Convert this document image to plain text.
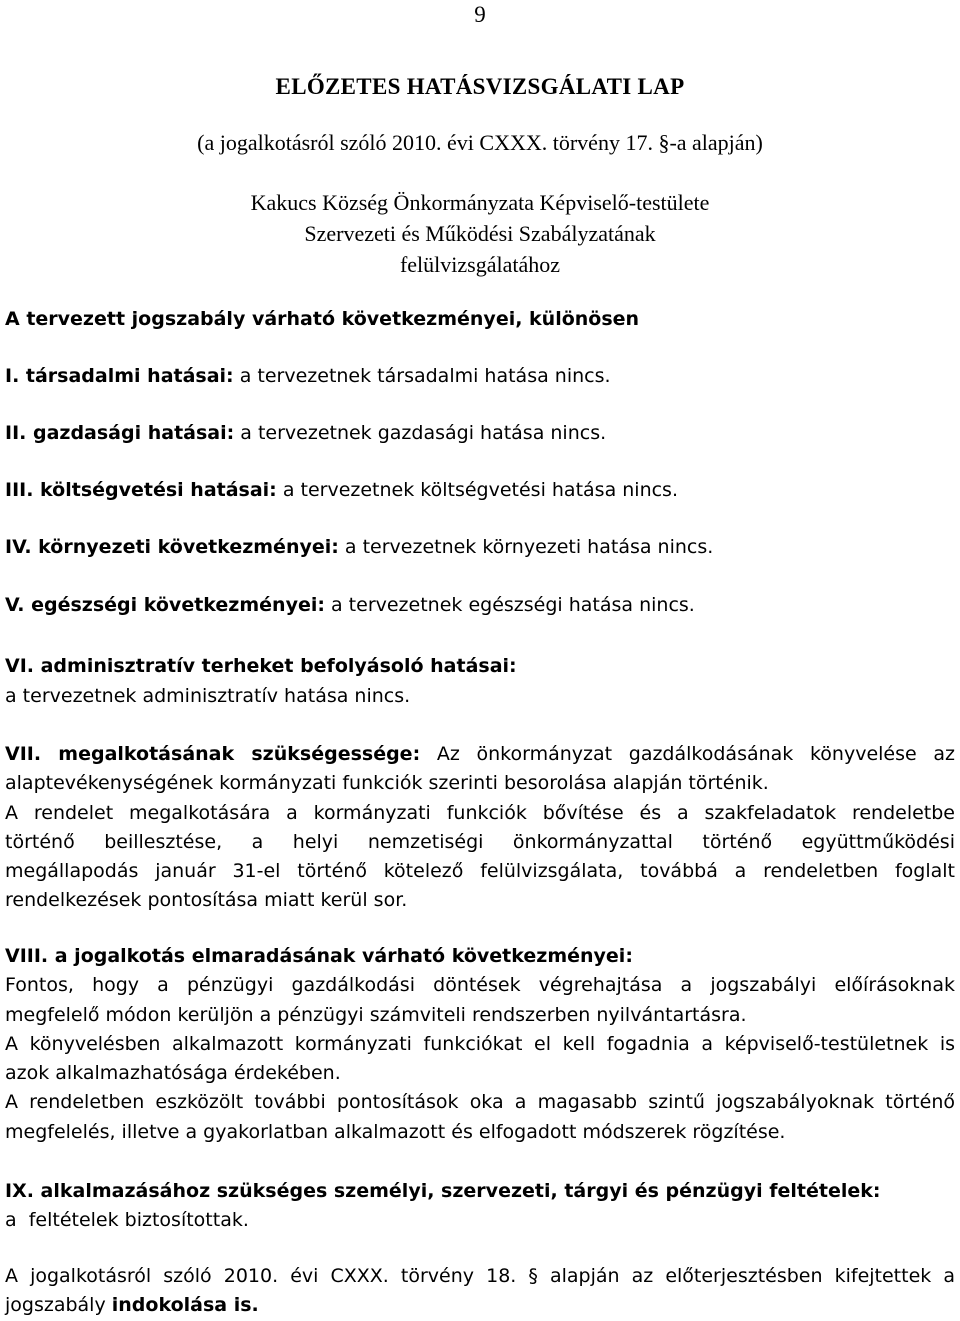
9
ELŐZETES HATÁSVIZSGÁLATI LAP
(a jogalkotásról szóló 2010. évi CXXX. törvény 17. §-a alapján)
Kakucs Község Önkormányzata Képviselő-testülete
Szervezeti és Működési Szabályzatának
felülvizsgálatához
A tervezett jogszabály várható következményei, különösen
I. társadalmi hatásai: a tervezetnek társadalmi hatása nincs.
II. gazdasági hatásai: a tervezetnek gazdasági hatása nincs.
III. költségvetési hatásai: a tervezetnek költségvetési hatása nincs.
IV. környezeti következményei: a tervezetnek környezeti hatása nincs.
V. egészségi következményei: a tervezetnek egészségi hatása nincs.
VI. adminisztratív terheket befolyásoló hatásai:
a tervezetnek adminisztratív hatása nincs.
VII. megalkotásának szükségessége: Az önkormányzat gazdálkodásának könyvelése az
alaptevékenységének kormányzati funkciók szerinti besorolása alapján történik.
A rendelet megalkotására a kormányzati funkciók bővítése és a szakfeladatok rendeletbe
történő beillesztése, a helyi nemzetiségi önkormányzattal történő együttműködési
megállapodás január 31-el történő kötelező felülvizsgálata, továbbá a rendeletben foglalt
rendelkezések pontosítása miatt kerül sor.
VIII. a jogalkotás elmaradásának várható következményei:
Fontos, hogy a pénzügyi gazdálkodási döntések végrehajtása a jogszabályi előírásoknak
megfelelő módon kerüljön a pénzügyi számviteli rendszerben nyilvántartásra.
A könyvelésben alkalmazott kormányzati funkciókat el kell fogadnia a képviselő-testületnek is
azok alkalmazhatósága érdekében.
A rendeletben eszközölt további pontosítások oka a magasabb szintű jogszabályoknak történő
megfelelés, illetve a gyakorlatban alkalmazott és elfogadott módszerek rögzítése.
IX. alkalmazásához szükséges személyi, szervezeti, tárgyi és pénzügyi feltételek:
a  feltételek biztosítottak.
A jogalkotásról szóló 2010. évi CXXX. törvény 18. § alapján az előterjesztésben kifejtettek a
jogszabály indokolása is.
